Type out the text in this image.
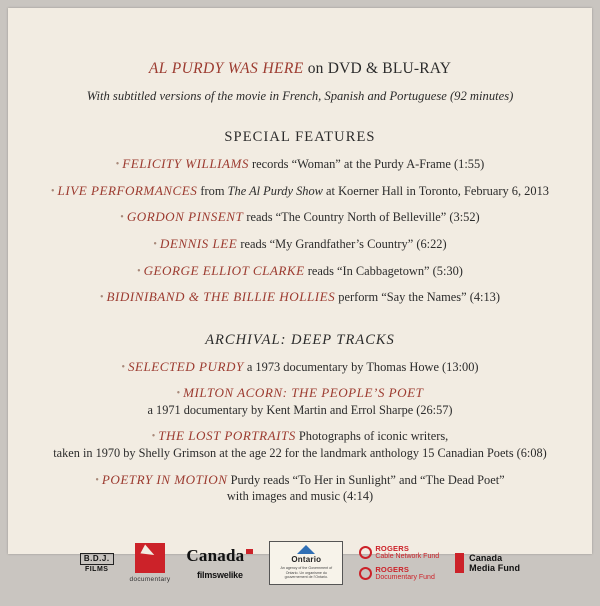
AL PURDY WAS HERE on DVD & BLU-RAY
With subtitled versions of the movie in French, Spanish and Portuguese (92 minutes)
SPECIAL FEATURES
• FELICITY WILLIAMS records “Woman” at the Purdy A-Frame (1:55)
• LIVE PERFORMANCES from The Al Purdy Show at Koerner Hall in Toronto, February 6, 2013
• GORDON PINSENT reads “The Country North of Belleville” (3:52)
• DENNIS LEE reads “My Grandfather’s Country” (6:22)
• GEORGE ELLIOT CLARKE reads “In Cabbagetown” (5:30)
• BIDINIBAND & THE BILLIE HOLLIES perform “Say the Names” (4:13)
ARCHIVAL: DEEP TRACKS
• SELECTED PURDY a 1973 documentary by Thomas Howe (13:00)
• MILTON ACORN: THE PEOPLE’S POET
a 1971 documentary by Kent Martin and Errol Sharpe (26:57)
• THE LOST PORTRAITS Photographs of iconic writers,
taken in 1970 by Shelly Grimson at the age 22 for the landmark anthology 15 Canadian Poets (6:08)
• POETRY IN MOTION Purdy reads “To Her in Sunlight” and “The Dead Poet”
with images and music (4:14)
B.D.J.
FILMS
documentary
Canada
filmswelike
Ontario
An agency of the Government of Ontario. Un organisme du gouvernement de l’Ontario.
ROGERS
Cable Network Fund
ROGERS
Documentary Fund
Canada
Media Fund
